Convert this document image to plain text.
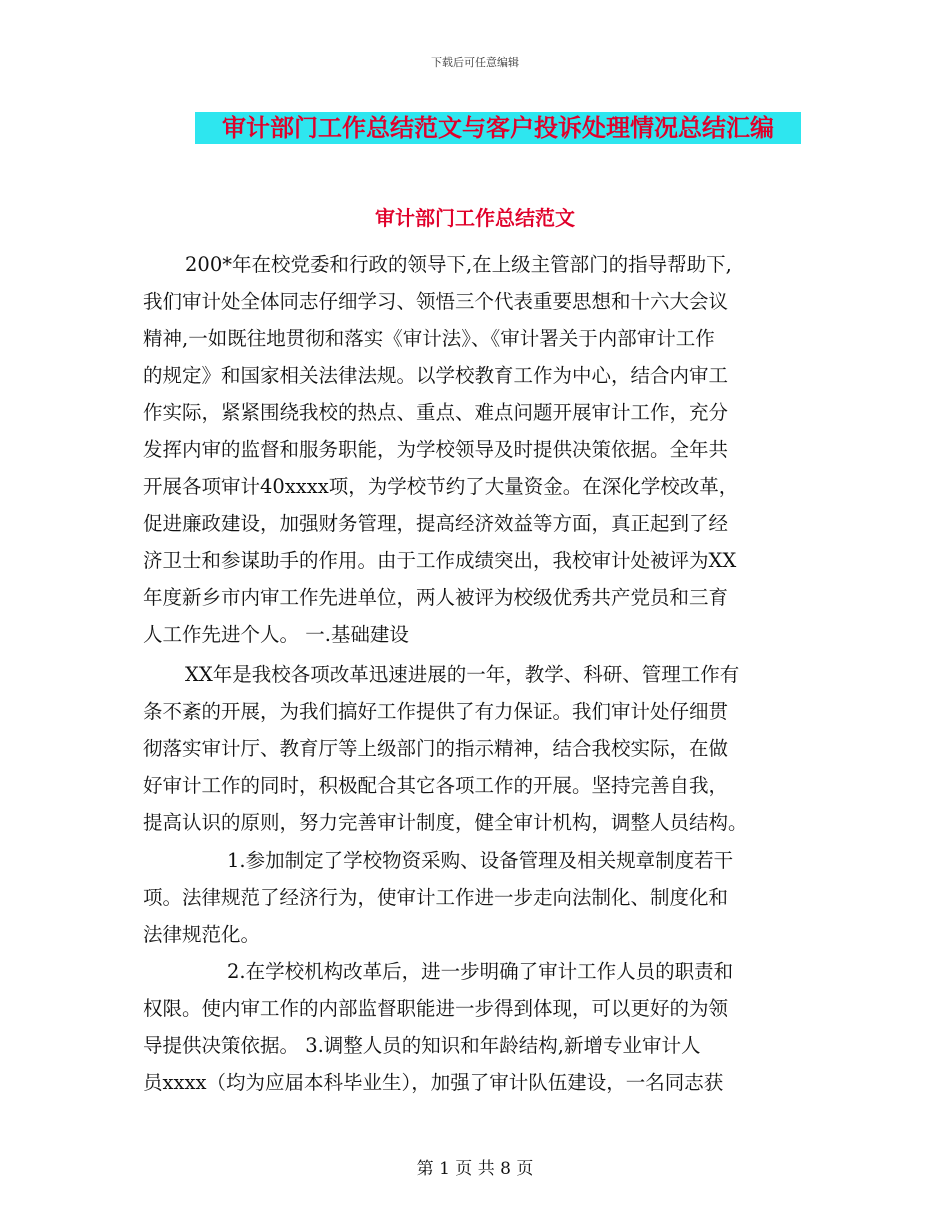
下载后可任意编辑
审计部门工作总结范文与客户投诉处理情况总结汇编
审计部门工作总结范文
200*年在校党委和行政的领导下,在上级主管部门的指导帮助下,
我们审计处全体同志仔细学习、领悟三个代表重要思想和十六大会议
精神,一如既往地贯彻和落实《审计法》、《审计署关于内部审计工作
的规定》和国家相关法律法规。以学校教育工作为中心，结合内审工
作实际，紧紧围绕我校的热点、重点、难点问题开展审计工作，充分
发挥内审的监督和服务职能，为学校领导及时提供决策依据。全年共
开展各项审计40xxxx项，为学校节约了大量资金。在深化学校改革，
促进廉政建设，加强财务管理，提高经济效益等方面，真正起到了经
济卫士和参谋助手的作用。由于工作成绩突出，我校审计处被评为XX
年度新乡市内审工作先进单位，两人被评为校级优秀共产党员和三育
人工作先进个人。 一.基础建设
XX年是我校各项改革迅速进展的一年，教学、科研、管理工作有
条不紊的开展，为我们搞好工作提供了有力保证。我们审计处仔细贯
彻落实审计厅、教育厅等上级部门的指示精神，结合我校实际，在做
好审计工作的同时，积极配合其它各项工作的开展。坚持完善自我，
提高认识的原则，努力完善审计制度，健全审计机构，调整人员结构。
1.参加制定了学校物资采购、设备管理及相关规章制度若干
项。法律规范了经济行为，使审计工作进一步走向法制化、制度化和
法律规范化。
2.在学校机构改革后，进一步明确了审计工作人员的职责和
权限。使内审工作的内部监督职能进一步得到体现，可以更好的为领
导提供决策依据。 3.调整人员的知识和年龄结构,新增专业审计人
员xxxx（均为应届本科毕业生），加强了审计队伍建设，一名同志获
第 1 页 共 8 页
